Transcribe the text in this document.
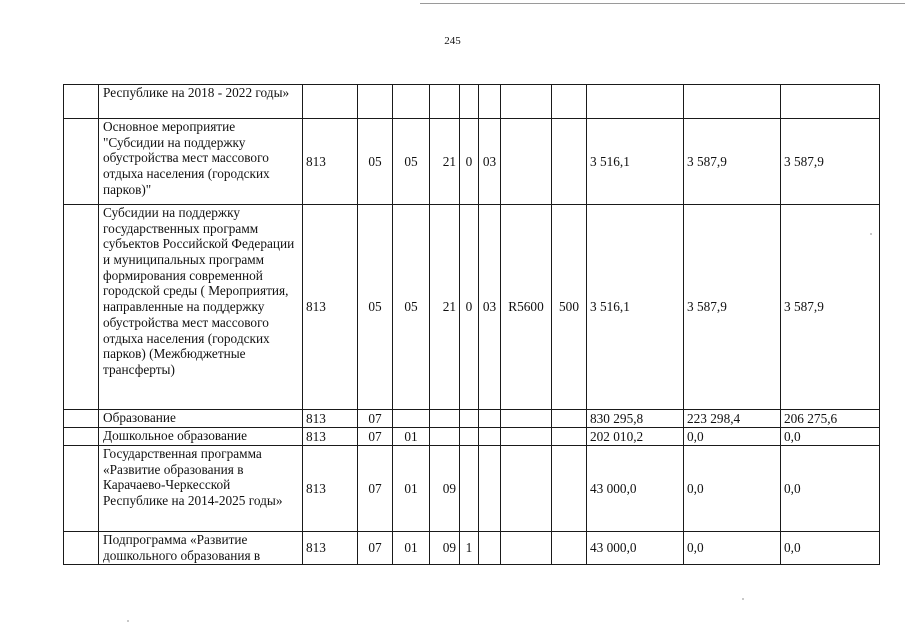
245
	Республике на 2018 - 2022 годы»											
	Основное мероприятие "Субсидии на поддержку обустройства мест массового отдыха населения (городских парков)"	813	05	05	21	0	03			3 516,1	3 587,9	3 587,9
	Субсидии на поддержку государственных программ субъектов Российской Федерации и муниципальных программ формирования современной городской среды ( Мероприятия, направленные на поддержку обустройства мест массового отдыха населения (городских парков) (Межбюджетные трансферты)	813	05	05	21	0	03	R5600	500	3 516,1	3 587,9	3 587,9
	Образование	813	07							830 295,8	223 298,4	206 275,6
	Дошкольное образование	813	07	01						202 010,2	0,0	0,0
	Государственная программа «Развитие образования в Карачаево-Черкесской Республике на 2014-2025 годы»	813	07	01	09					43 000,0	0,0	0,0
	Подпрограмма «Развитие дошкольного образования в	813	07	01	09	1				43 000,0	0,0	0,0
